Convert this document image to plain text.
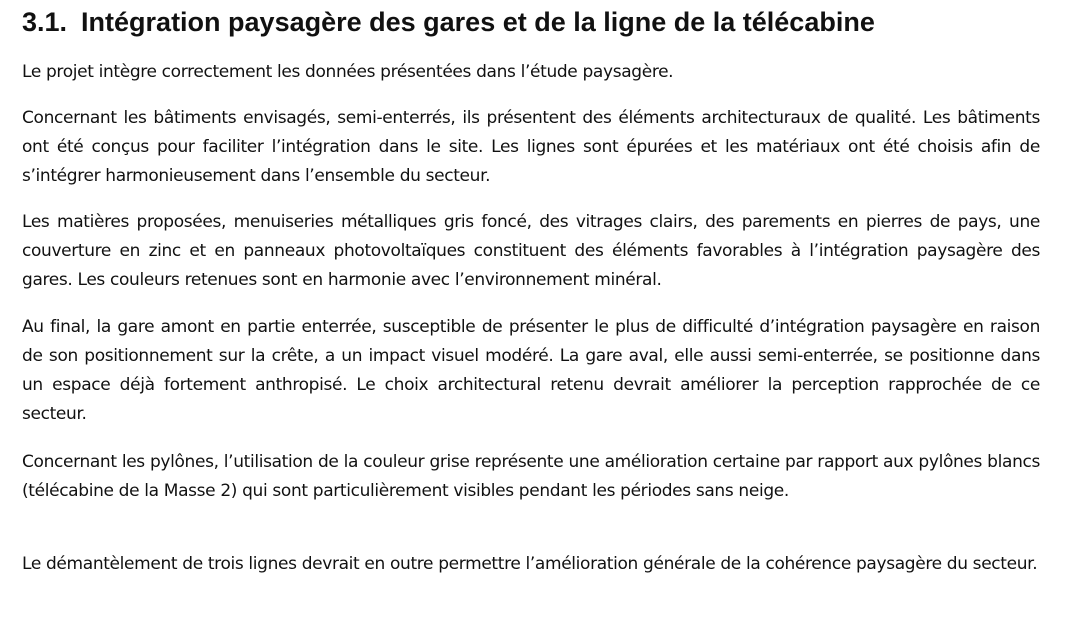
3.1. Intégration paysagère des gares et de la ligne de la télécabine

Le projet intègre correctement les données présentées dans l’étude paysagère.

Concernant les bâtiments envisagés, semi-enterrés, ils présentent des éléments architecturaux de qualité. Les bâtiments ont été conçus pour faciliter l’intégration dans le site. Les lignes sont épurées et les matériaux ont été choisis afin de s’intégrer harmonieusement dans l’ensemble du secteur.

Les matières proposées, menuiseries métalliques gris foncé, des vitrages clairs, des parements en pierres de pays, une couverture en zinc et en panneaux photovoltaïques constituent des éléments favorables à l’intégration paysagère des gares. Les couleurs retenues sont en harmonie avec l’environnement minéral.

Au final, la gare amont en partie enterrée, susceptible de présenter le plus de difficulté d’intégration paysagère en raison de son positionnement sur la crête, a un impact visuel modéré. La gare aval, elle aussi semi-enterrée, se positionne dans un espace déjà fortement anthropisé. Le choix architectural retenu devrait améliorer la perception rapprochée de ce secteur.

Concernant les pylônes, l’utilisation de la couleur grise représente une amélioration certaine par rapport aux pylônes blancs (télécabine de la Masse 2) qui sont particulièrement visibles pendant les périodes sans neige.

Le démantèlement de trois lignes devrait en outre permettre l’amélioration générale de la cohérence paysagère du secteur.
